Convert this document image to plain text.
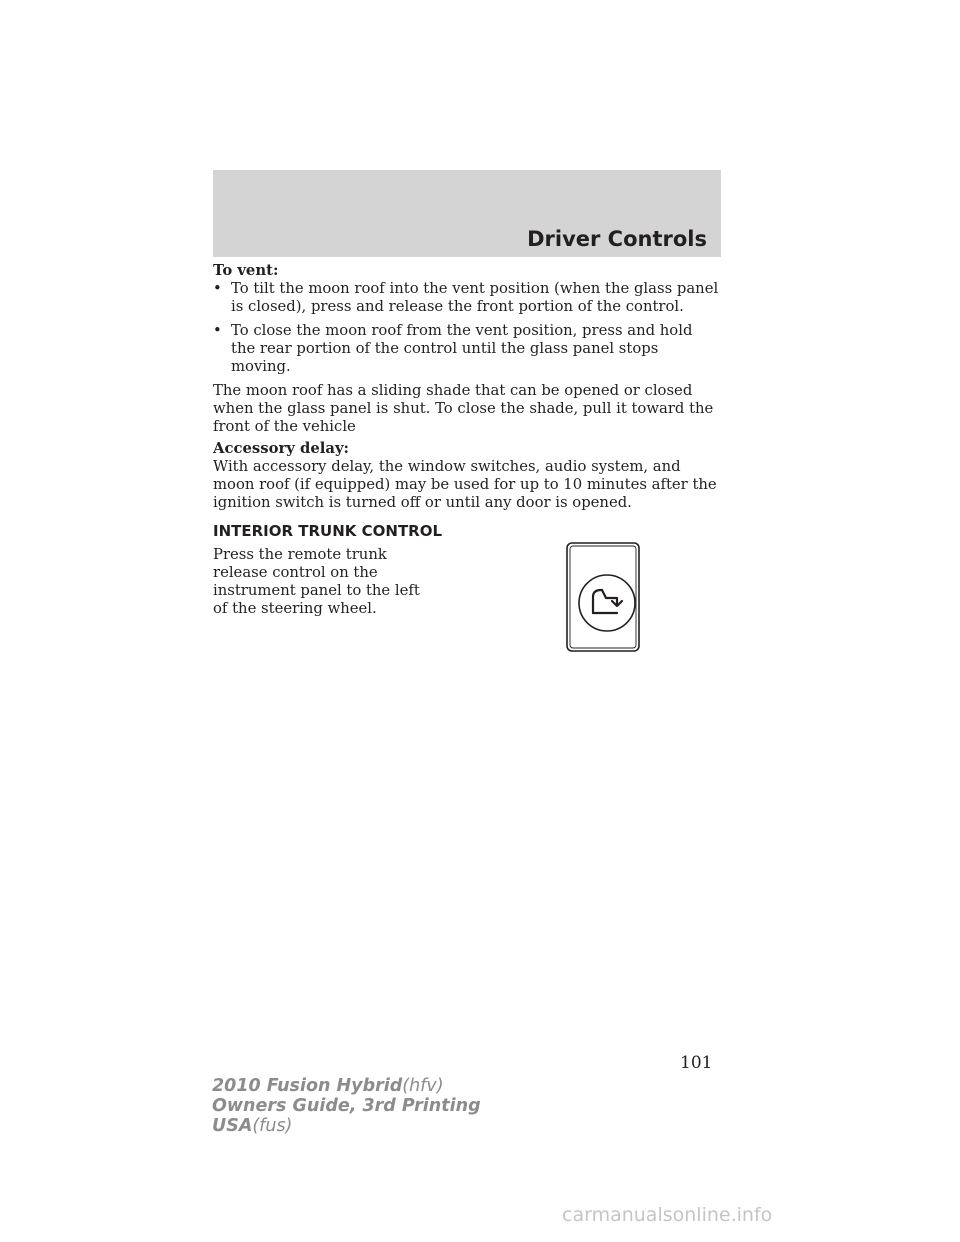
Driver Controls

To vent:

• To tilt the moon roof into the vent position (when the glass panel is closed), press and release the front portion of the control.
• To close the moon roof from the vent position, press and hold the rear portion of the control until the glass panel stops moving.

The moon roof has a sliding shade that can be opened or closed when the glass panel is shut. To close the shade, pull it toward the front of the vehicle

Accessory delay:

With accessory delay, the window switches, audio system, and moon roof (if equipped) may be used for up to 10 minutes after the ignition switch is turned off or until any door is opened.

INTERIOR TRUNK CONTROL

Press the remote trunk release control on the instrument panel to the left of the steering wheel.

101

2010 Fusion Hybrid(hfv)
Owners Guide, 3rd Printing
USA(fus)

carmanualsonline.info
